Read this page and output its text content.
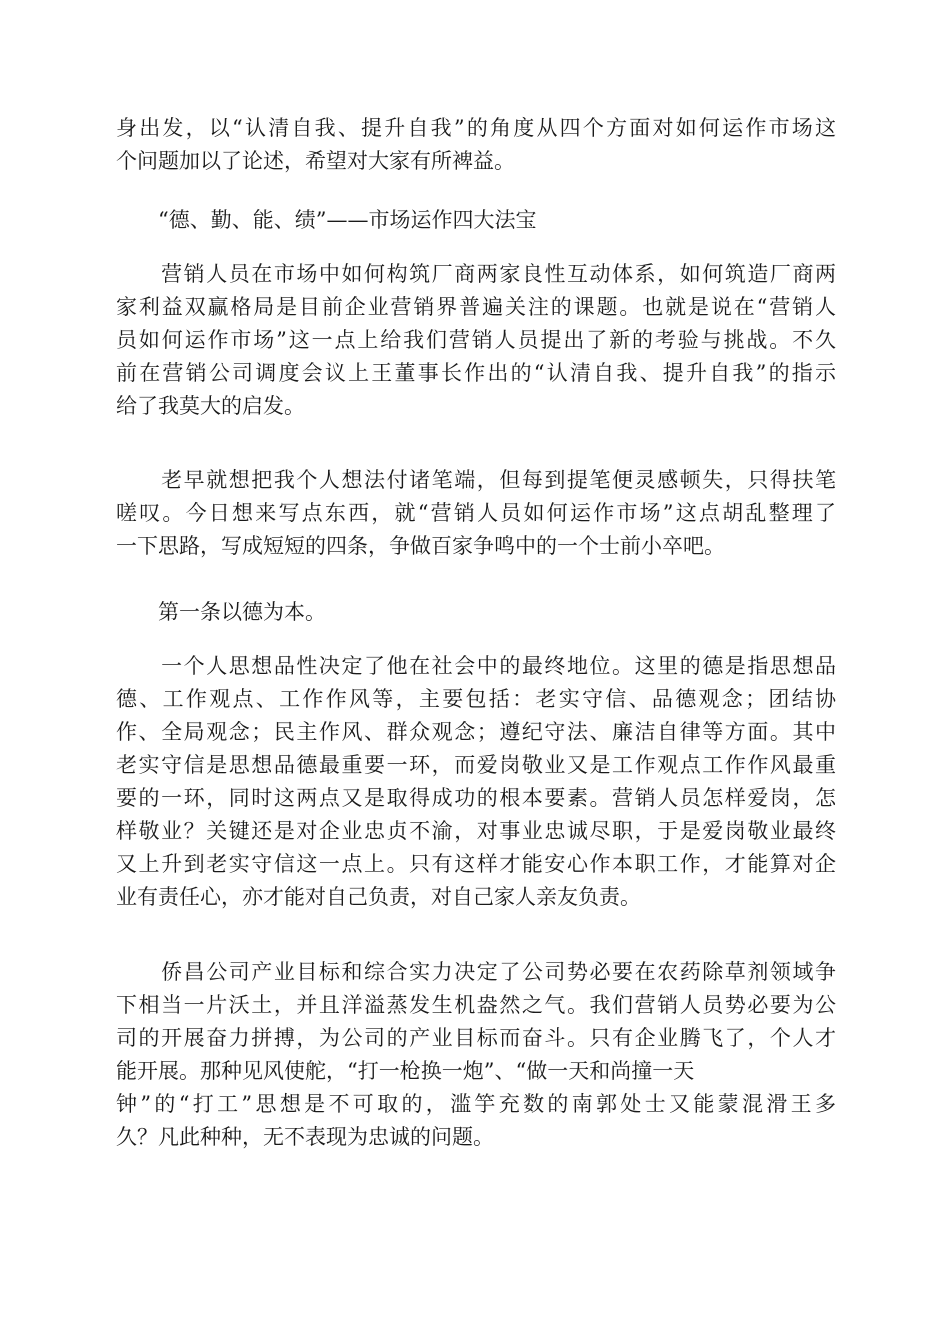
身出发，以“认清自我、提升自我”的角度从四个方面对如何运作市场这
个问题加以了论述，希望对大家有所裨益。
　　“德、勤、能、绩”——市场运作四大法宝
　　营销人员在市场中如何构筑厂商两家良性互动体系，如何筑造厂商两
家利益双赢格局是目前企业营销界普遍关注的课题。也就是说在“营销人
员如何运作市场”这一点上给我们营销人员提出了新的考验与挑战。不久
前在营销公司调度会议上王董事长作出的“认清自我、提升自我”的指示
给了我莫大的启发。
　　老早就想把我个人想法付诸笔端，但每到提笔便灵感顿失，只得扶笔
嗟叹。今日想来写点东西，就“营销人员如何运作市场”这点胡乱整理了
一下思路，写成短短的四条，争做百家争鸣中的一个士前小卒吧。
　　第一条以德为本。
　　一个人思想品性决定了他在社会中的最终地位。这里的德是指思想品
德、工作观点、工作作风等，主要包括：老实守信、品德观念；团结协
作、全局观念；民主作风、群众观念；遵纪守法、廉洁自律等方面。其中
老实守信是思想品德最重要一环，而爱岗敬业又是工作观点工作作风最重
要的一环，同时这两点又是取得成功的根本要素。营销人员怎样爱岗，怎
样敬业？关键还是对企业忠贞不渝，对事业忠诚尽职，于是爱岗敬业最终
又上升到老实守信这一点上。只有这样才能安心作本职工作，才能算对企
业有责任心，亦才能对自己负责，对自己家人亲友负责。
　　侨昌公司产业目标和综合实力决定了公司势必要在农药除草剂领域争
下相当一片沃土，并且洋溢蒸发生机盎然之气。我们营销人员势必要为公
司的开展奋力拼搏，为公司的产业目标而奋斗。只有企业腾飞了，个人才
能开展。那种见风使舵，“打一枪换一炮”、“做一天和尚撞一天
钟”的“打工”思想是不可取的，滥竽充数的南郭处士又能蒙混滑王多
久？凡此种种，无不表现为忠诚的问题。
